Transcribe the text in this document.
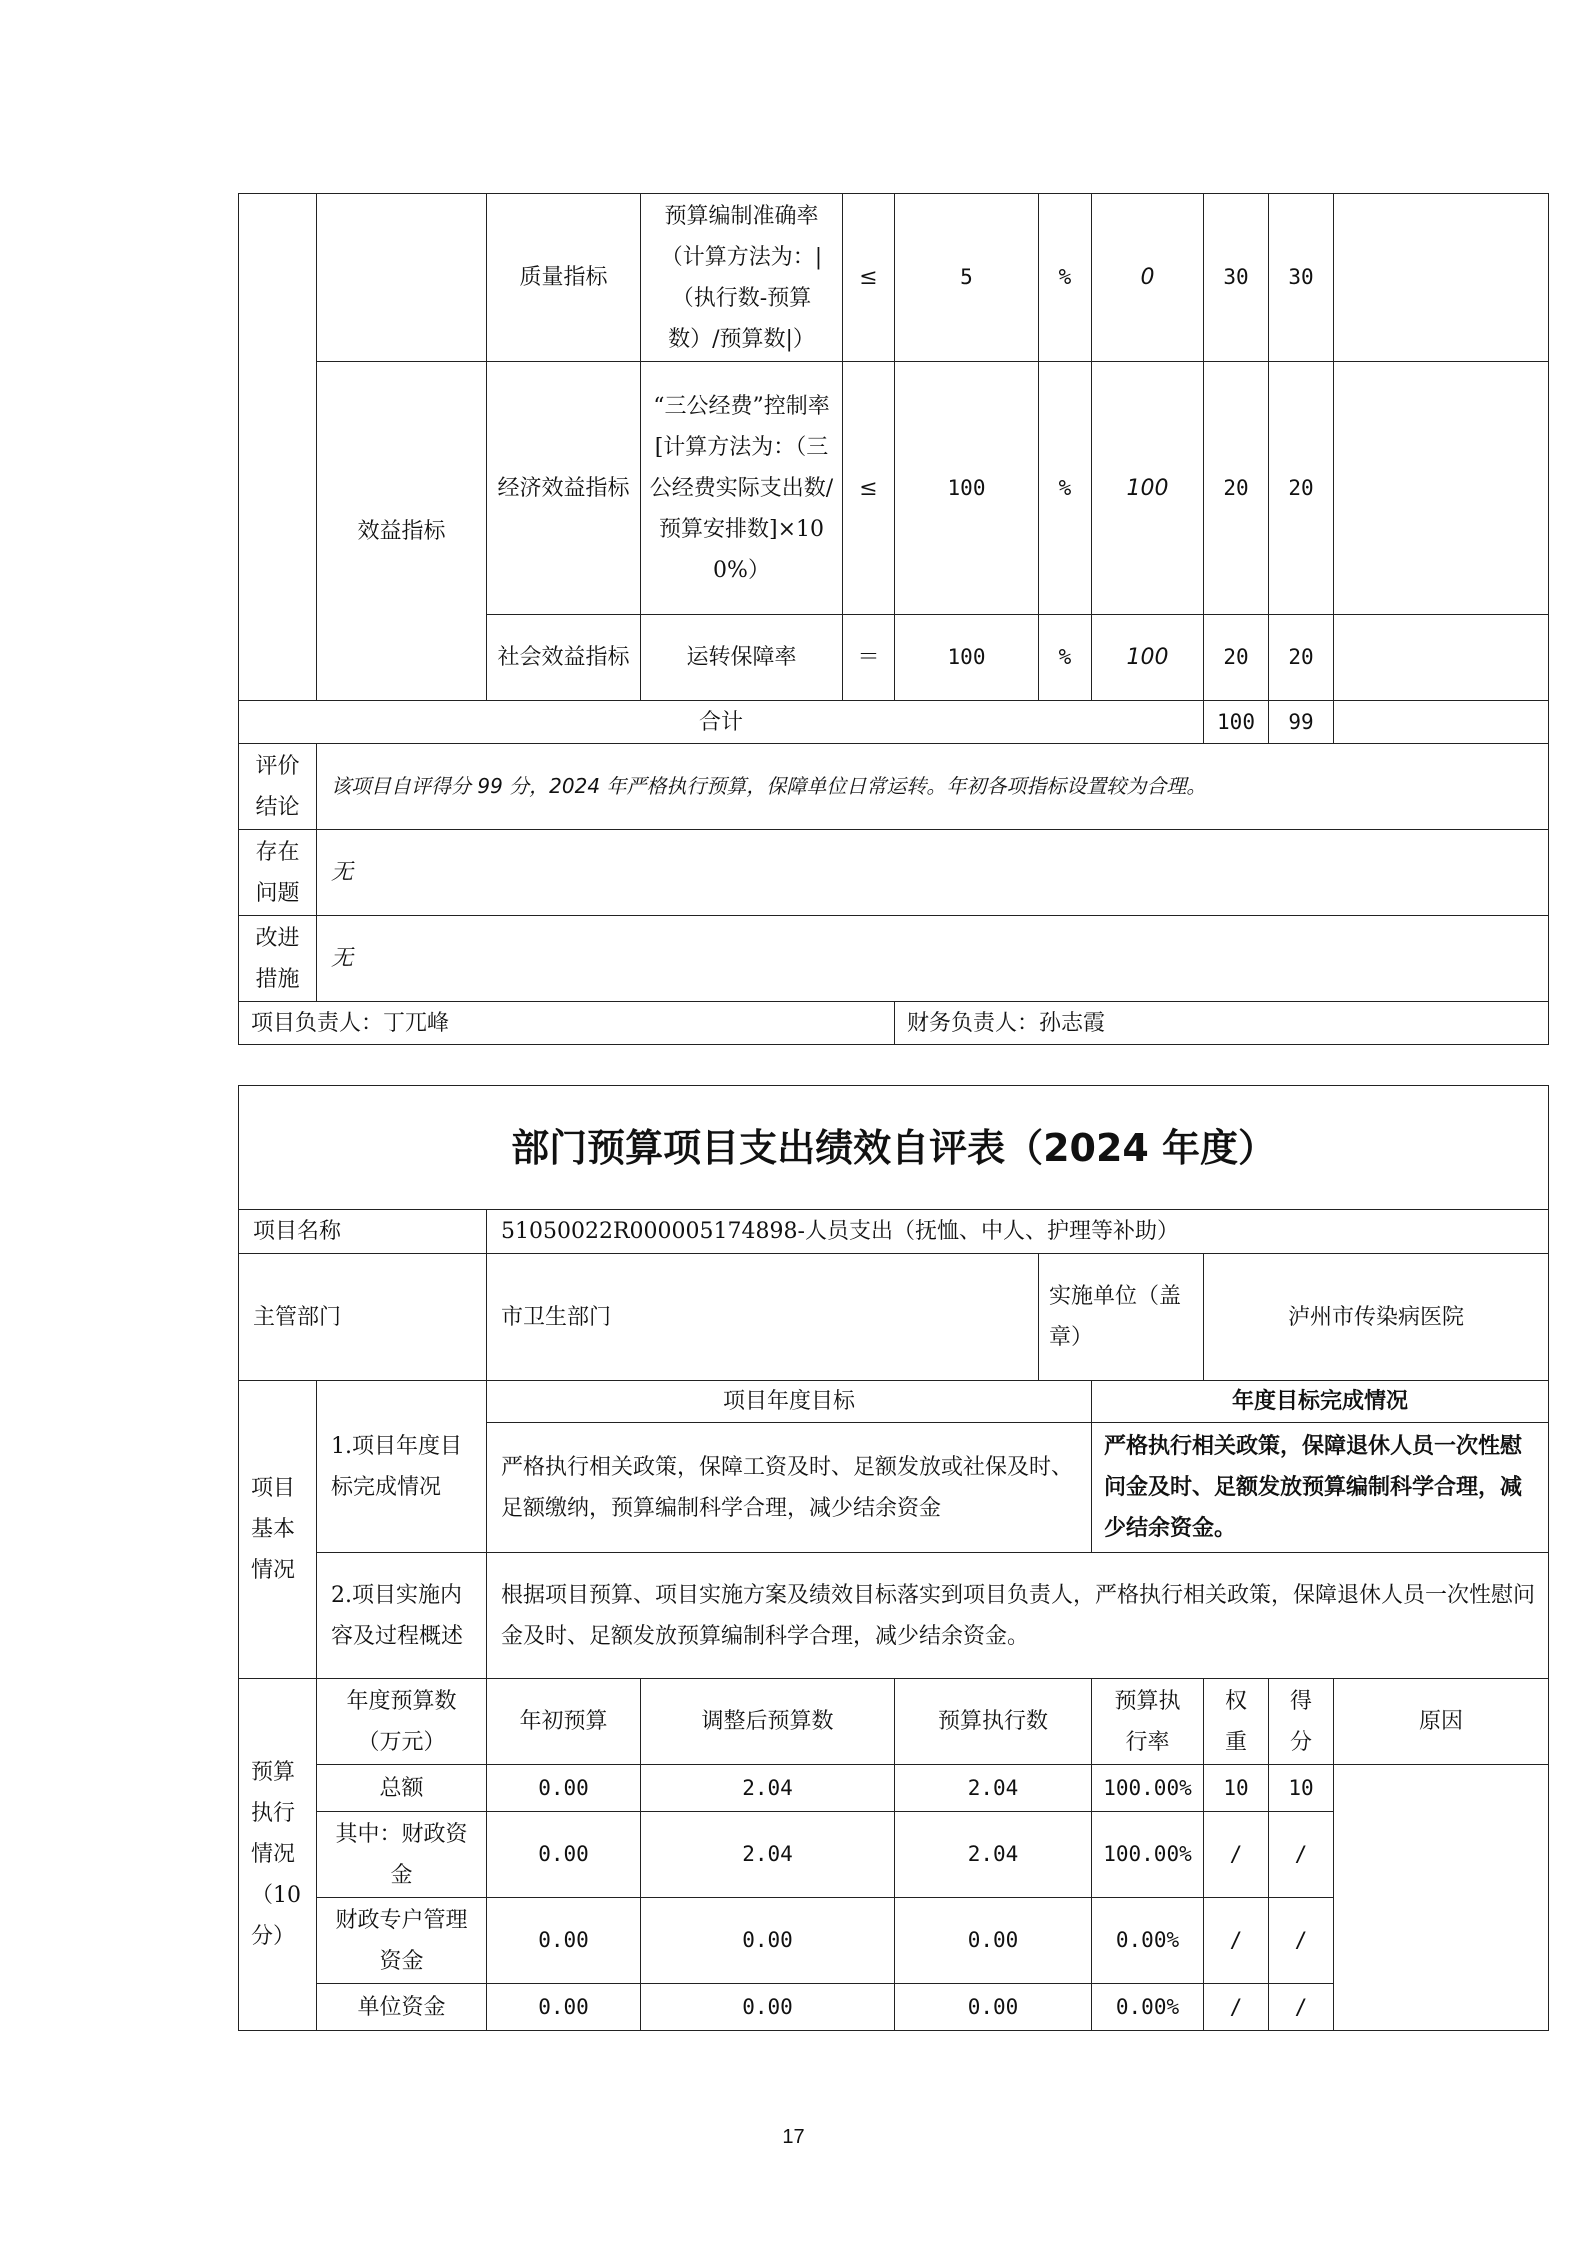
		质量指标	预算编制准确率（计算方法为：|（执行数-预算数）/预算数|）	≤	5	%	0	30	30	
	效益指标	经济效益指标	“三公经费”控制率[计算方法为：（三公经费实际支出数/预算安排数]×100%）	≤	100	%	100	20	20	
		社会效益指标	运转保障率	＝	100	%	100	20	20	
合计								100	99	
评价结论	该项目自评得分 99 分，2024 年严格执行预算，保障单位日常运转。年初各项指标设置较为合理。									
存在问题	无									
改进措施	无									
项目负责人：丁兀峰					财务负责人：孙志霞					
部门预算项目支出绩效自评表（2024 年度）									
项目名称		51050022R000005174898-人员支出（抚恤、中人、护理等补助）							
主管部门		市卫生部门			实施单位（盖章）		泸州市传染病医院		
项目基本情况	1.项目年度目标完成情况	项目年度目标				年度目标完成情况			
		严格执行相关政策，保障工资及时、足额发放或社保及时、足额缴纳，预算编制科学合理，减少结余资金				严格执行相关政策，保障退休人员一次性慰问金及时、足额发放预算编制科学合理，减少结余资金。			
	2.项目实施内容及过程概述	根据项目预算、项目实施方案及绩效目标落实到项目负责人，严格执行相关政策，保障退休人员一次性慰问金及时、足额发放预算编制科学合理，减少结余资金。							
预算执行情况（10分）	年度预算数（万元）	年初预算	调整后预算数	预算执行数		预算执行率	权重	得分	原因
	总额	0.00	2.04	2.04		100.00%	10	10	
	其中：财政资金	0.00	2.04	2.04		100.00%	/	/	
	财政专户管理资金	0.00	0.00	0.00		0.00%	/	/	
	单位资金	0.00	0.00	0.00		0.00%	/	/	
17
